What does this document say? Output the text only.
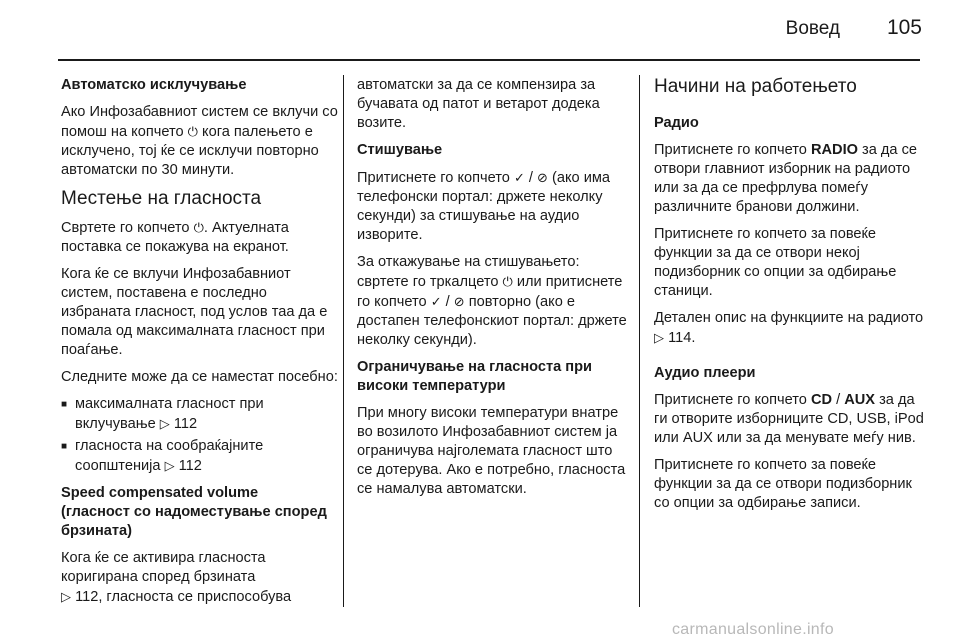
Вовед 105

Автоматско исклучување

Ако Инфозабавниот систем се вклучи со помош на копчето ⏻ кога палењето е исклучено, тој ќе се исклучи повторно автоматски по 30 минути.

Местење на гласноста

Свртете го копчето ⏻. Актуелната поставка се покажува на екранот.

Кога ќе се вклучи Инфозабавниот систем, поставена е последно избраната гласност, под услов таа да е помала од максималната гласност при поаѓање.

Следните може да се наместат посебно:

■ максималната гласност при вклучување ▷ 112
■ гласноста на сообраќајните соопштенија ▷ 112

Speed compensated volume
(гласност со надоместување според брзината)

Кога ќе се активира гласноста коригирана според брзината
▷ 112, гласноста се приспособува

автоматски за да се компензира за бучавата од патот и ветарот додека возите.

Стишување

Притиснете го копчето ✓ / ⊘ (ако има телефонски портал: држете неколку секунди) за стишување на аудио изворите.

За откажување на стишувањето: свртете го тркалцето ⏻ или притиснете го копчето ✓ / ⊘ повторно (ако е достапен телефонскиот портал: држете неколку секунди).

Ограничување на гласноста при високи температури

При многу високи температури внатре во возилото Инфозабавниот систем ја ограничува најголемата гласност што се дотерува. Ако е потребно, гласноста се намалува автоматски.

Начини на работењето

Радио

Притиснете го копчето RADIO за да се отвори главниот изборник на радиото или за да се префрлува помеѓу различните бранови должини.

Притиснете го копчето за повеќе функции за да се отвори некој подизборник со опции за одбирање станици.

Детален опис на функциите на радиото ▷ 114.

Аудио плеери

Притиснете го копчето CD / AUX за да ги отворите изборниците CD, USB, iPod или AUX или за да менувате меѓу нив.

Притиснете го копчето за повеќе функции за да се отвори подизборник со опции за одбирање записи.

carmanualsonline.info
